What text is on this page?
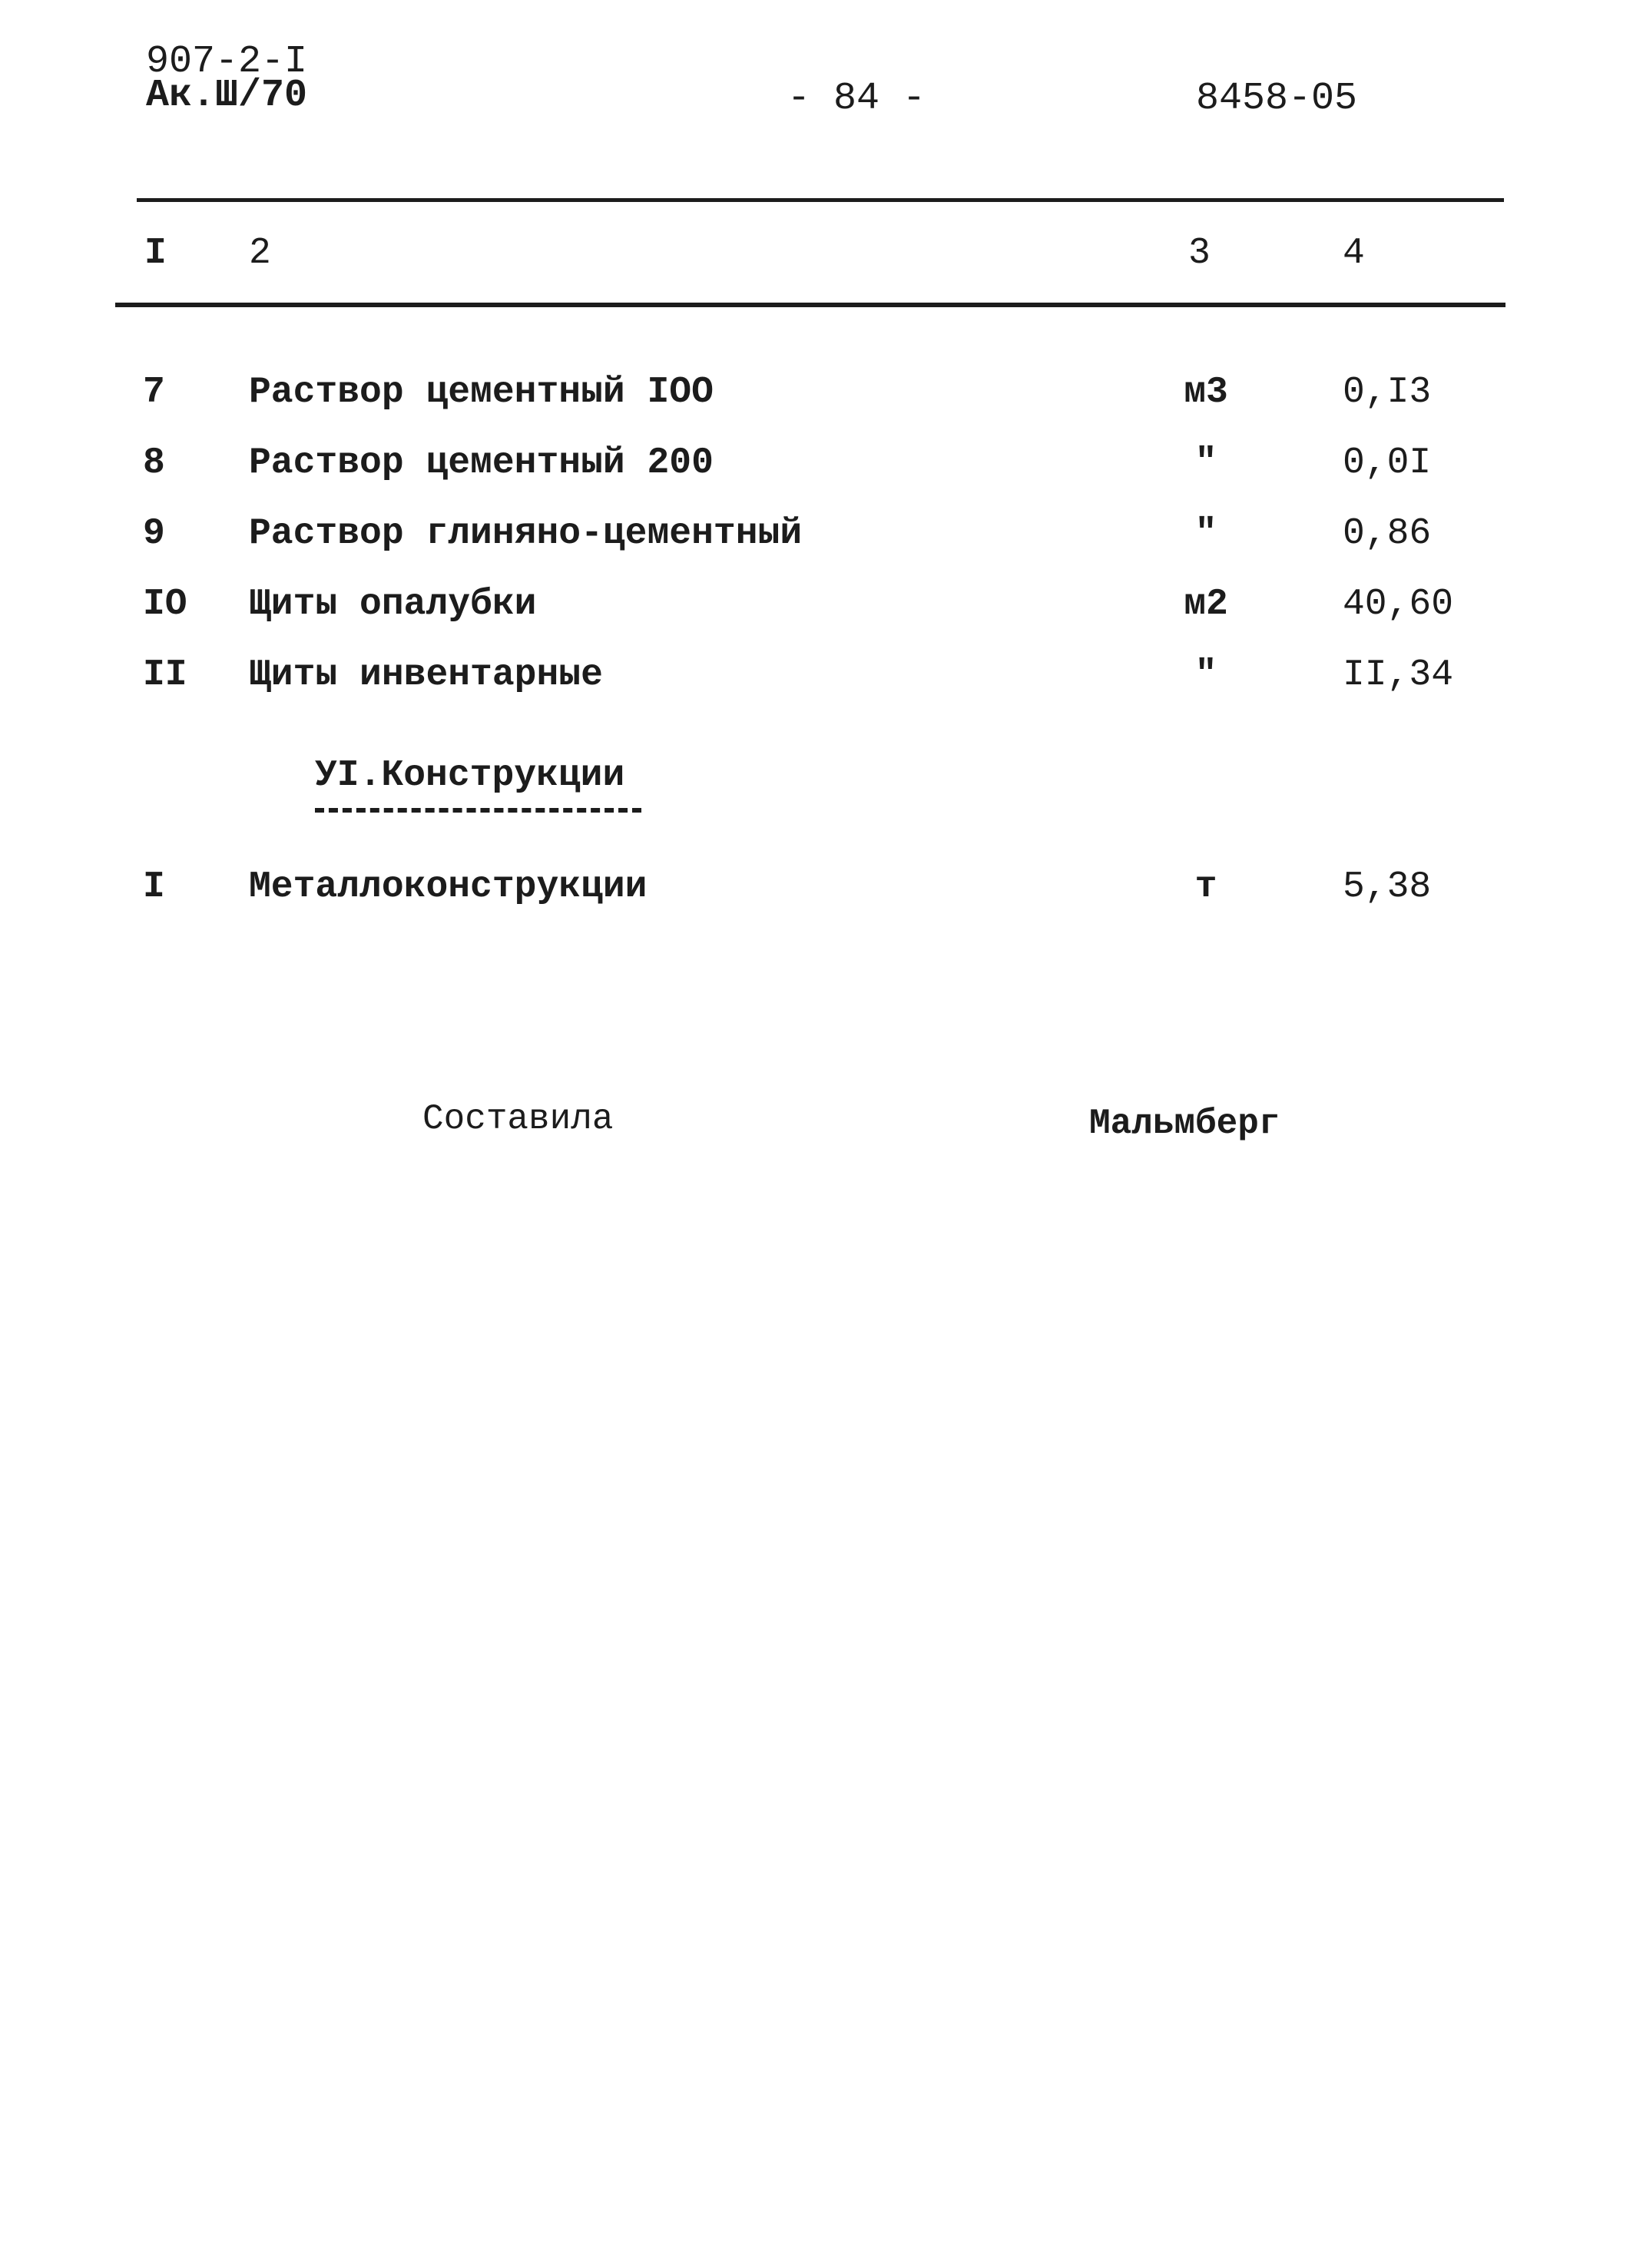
907-2-I
Ак.Ш/70	- 84 -	8458-05
I 2	3	4
7 Раствор цементный IOO	м3	0,I3
8 Раствор цементный 200	"	0,0I
9 Раствор глиняно-цементный	"	0,86
IO Щиты опалубки	м2	40,60
II Щиты инвентарные	"	II,34
УI.Конструкции
I Металлоконструкции	т	5,38
Составила	Мальмберг
